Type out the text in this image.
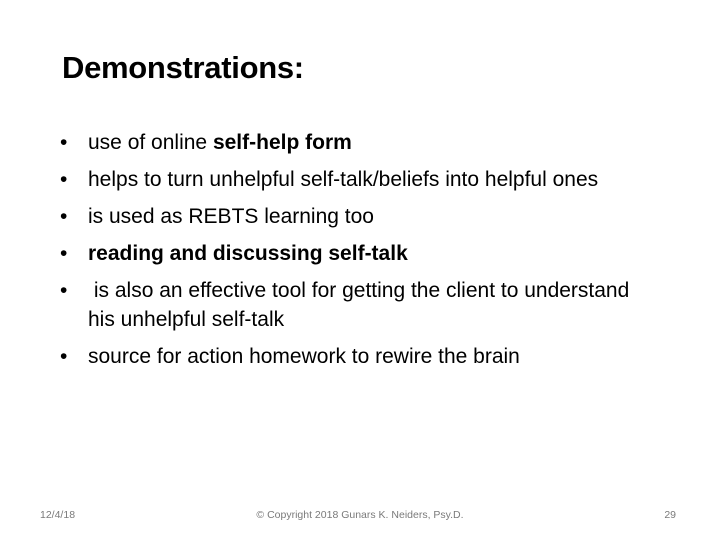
Demonstrations:
• use of online self-help form
• helps to turn unhelpful self-talk/beliefs into helpful ones
• is used as REBTS learning too
• reading and discussing self-talk
• is also an effective tool for getting the client to understand his unhelpful self-talk
• source for action homework to rewire the brain
12/4/18	© Copyright 2018 Gunars K. Neiders, Psy.D.	29
